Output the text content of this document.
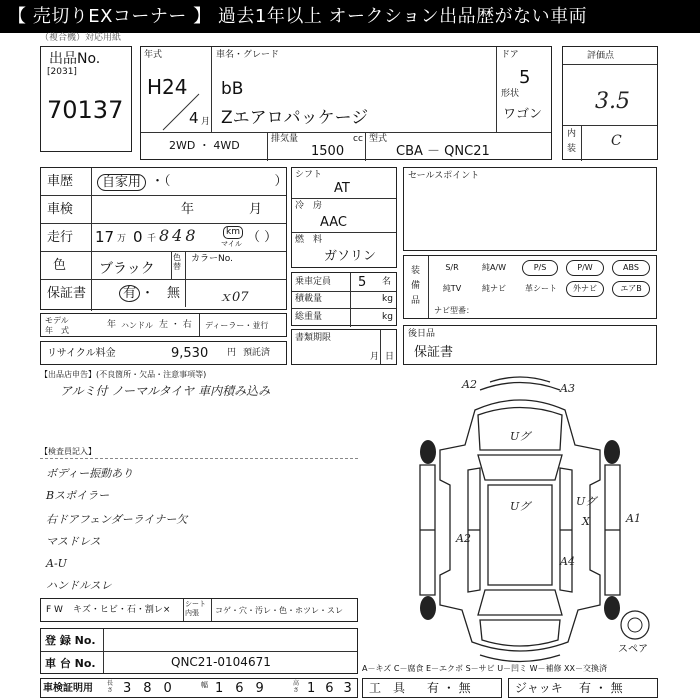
【 売切りEXコーナー 】 過去1年以上 オークション出品歴がない車両
（複合機）対応用紙
出品No.
[2031]
70137
年式
H24
4 月
車名・グレード
bB
Zエアロパッケージ
ドア
5
形状
ワゴン
2WD ・ 4WD	排気量
1500
cc 型式
CBA － QNC21
評価点
3.5
内
装 C
車歴	自家用 ・（　　　　　　　　）
車検	年	月
走行 17 万 0 千 848	km
マイル （ ）
色 ブラック
色替
カラーNo.
ｘ07
保証書	有 ・　無
モデル
年　式
年 ハンドル 左 ・ 右 ディーラー・並行
リサイクル料金	9,530 円 預託済
シフト
AT
冷　房
AAC
燃　料
ガソリン
乗車定員 5 名
積載量	kg
総重量	kg
書類期限
月 日
セールスポイント
装
備
品
S/R	純A/W	P/S	P/W	ABS
純TV	純ナビ	革シート	外ナビ	エアB
ナビ型番：
後日品
保証書
【出品店申告】(不良箇所・欠品・注意事項等)
アルミ付 ノーマルタイヤ 車内積み込み
【検査員記入】
ボディー振動あり
Bスポイラー
右ドアフェンダーライナー欠
マスドレス
A-U
ハンドルスレ
F W キズ・ヒビ・石・割レ×
シート
内張	コゲ・穴・汚レ・色・ホツレ・スレ
登 録 No.
車 台 No.	QNC21-0104671
車検証明用 長さ 380 幅 169	高さ 163
A－キズ C－腐食 E－エクボ S－サビ U－凹ミ W－補修 XX－交換済
工　具 有 ・ 無	ジャッキ 有 ・ 無
A2	A3
Uグ
Uグ	Uグ
A1
A2
A4
X
スペア
